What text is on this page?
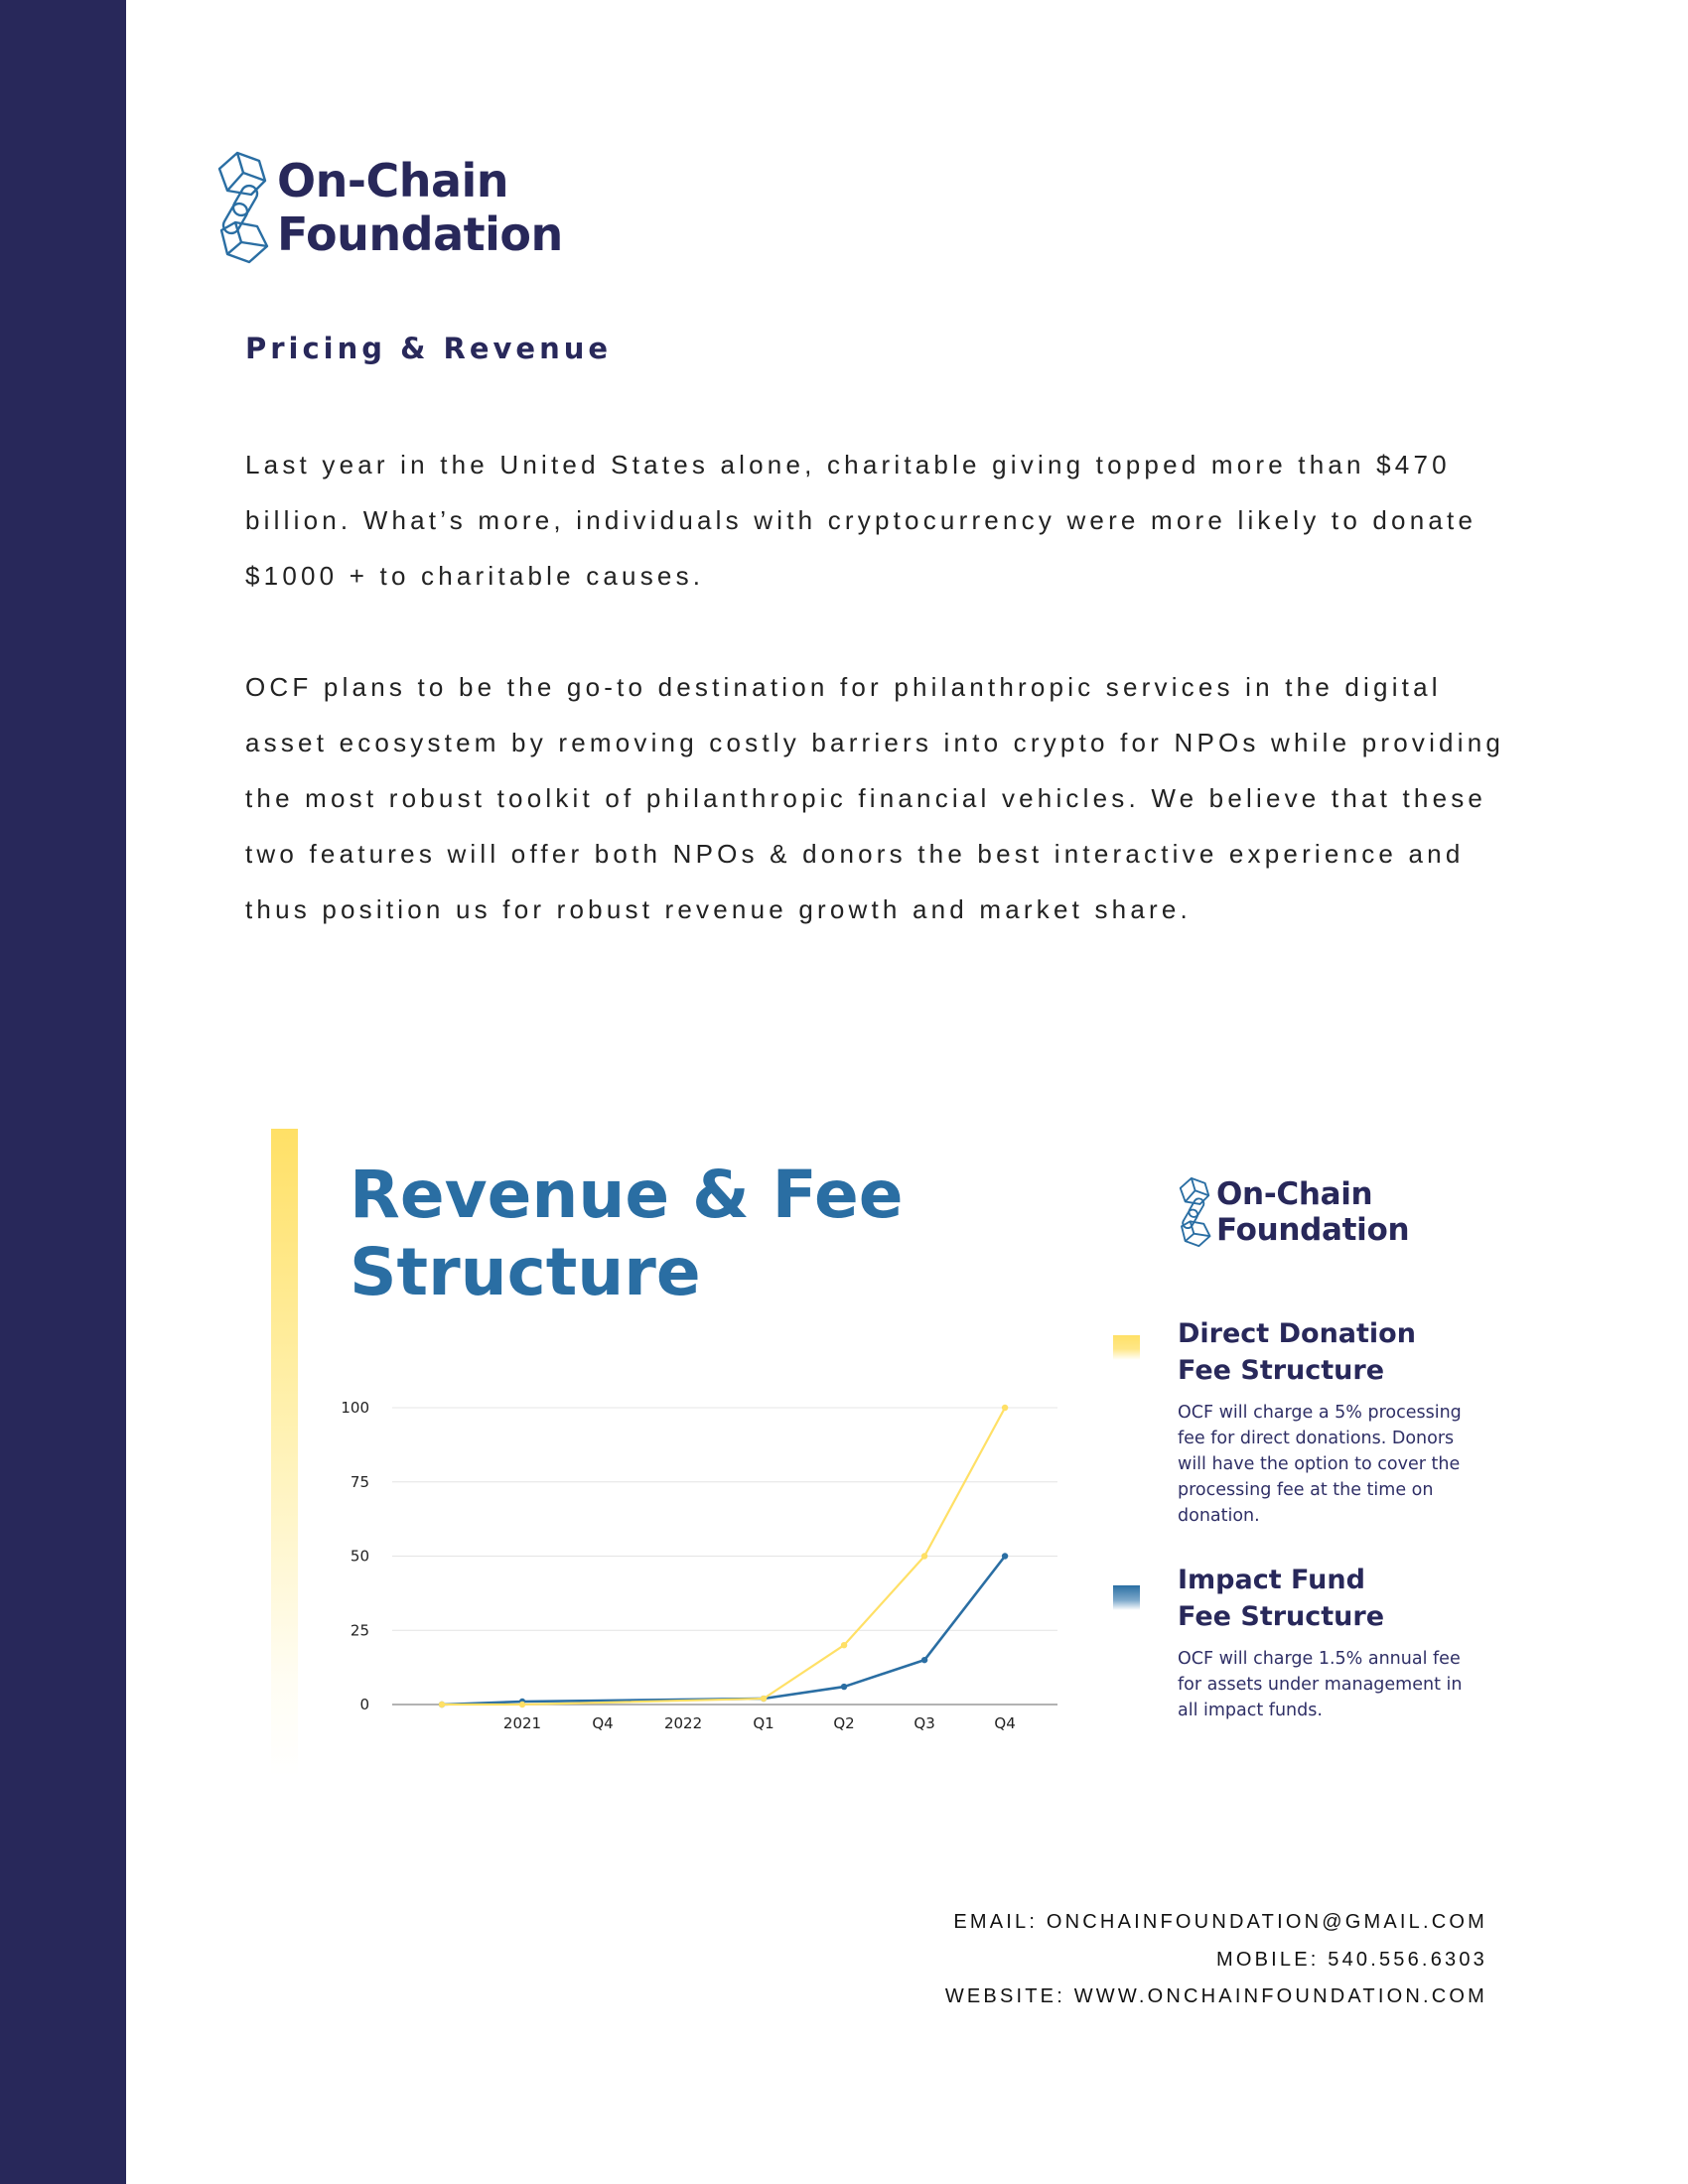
On-Chain
Foundation
Pricing & Revenue

Last year in the United States alone, charitable giving topped more than $470 billion. What’s more, individuals with cryptocurrency were more likely to donate $1000 + to charitable causes.

OCF plans to be the go-to destination for philanthropic services in the digital asset ecosystem by removing costly barriers into crypto for NPOs while providing the most robust toolkit of philanthropic financial vehicles. We believe that these two features will offer both NPOs & donors the best interactive experience and thus position us for robust revenue growth and market share.

Revenue & Fee Structure
0
25
50
75
100
2021	Q4	2022	Q1	Q2	Q3	Q4
On-Chain
Foundation
Direct Donation
Fee Structure

OCF will charge a 5% processing fee for direct donations. Donors will have the option to cover the processing fee at the time on donation.

Impact Fund
Fee Structure

OCF will charge 1.5% annual fee for assets under management in all impact funds.

EMAIL: ONCHAINFOUNDATION@GMAIL.COM

MOBILE: 540.556.6303

WEBSITE: WWW.ONCHAINFOUNDATION.COM
